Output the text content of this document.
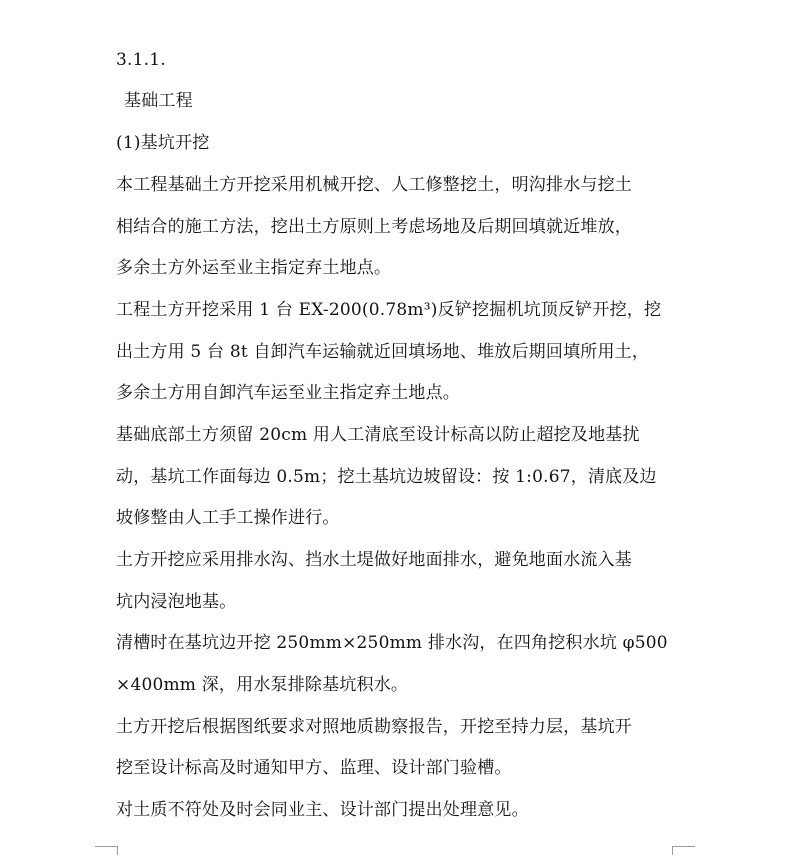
3.1.1.
基础工程
(1)基坑开挖
本工程基础土方开挖采用机械开挖、人工修整挖土，明沟排水与挖土
相结合的施工方法，挖出土方原则上考虑场地及后期回填就近堆放，
多余土方外运至业主指定弃土地点。
工程土方开挖采用 1 台 EX-200(0.78m³)反铲挖掘机坑顶反铲开挖，挖
出土方用 5 台 8t 自卸汽车运输就近回填场地、堆放后期回填所用土，
多余土方用自卸汽车运至业主指定弃土地点。
基础底部土方须留 20cm 用人工清底至设计标高以防止超挖及地基扰
动，基坑工作面每边 0.5m；挖土基坑边坡留设：按 1:0.67，清底及边
坡修整由人工手工操作进行。
土方开挖应采用排水沟、挡水土堤做好地面排水，避免地面水流入基
坑内浸泡地基。
清槽时在基坑边开挖 250mm×250mm 排水沟，在四角挖积水坑 φ500
×400mm 深，用水泵排除基坑积水。
土方开挖后根据图纸要求对照地质勘察报告，开挖至持力层，基坑开
挖至设计标高及时通知甲方、监理、设计部门验槽。
对土质不符处及时会同业主、设计部门提出处理意见。
